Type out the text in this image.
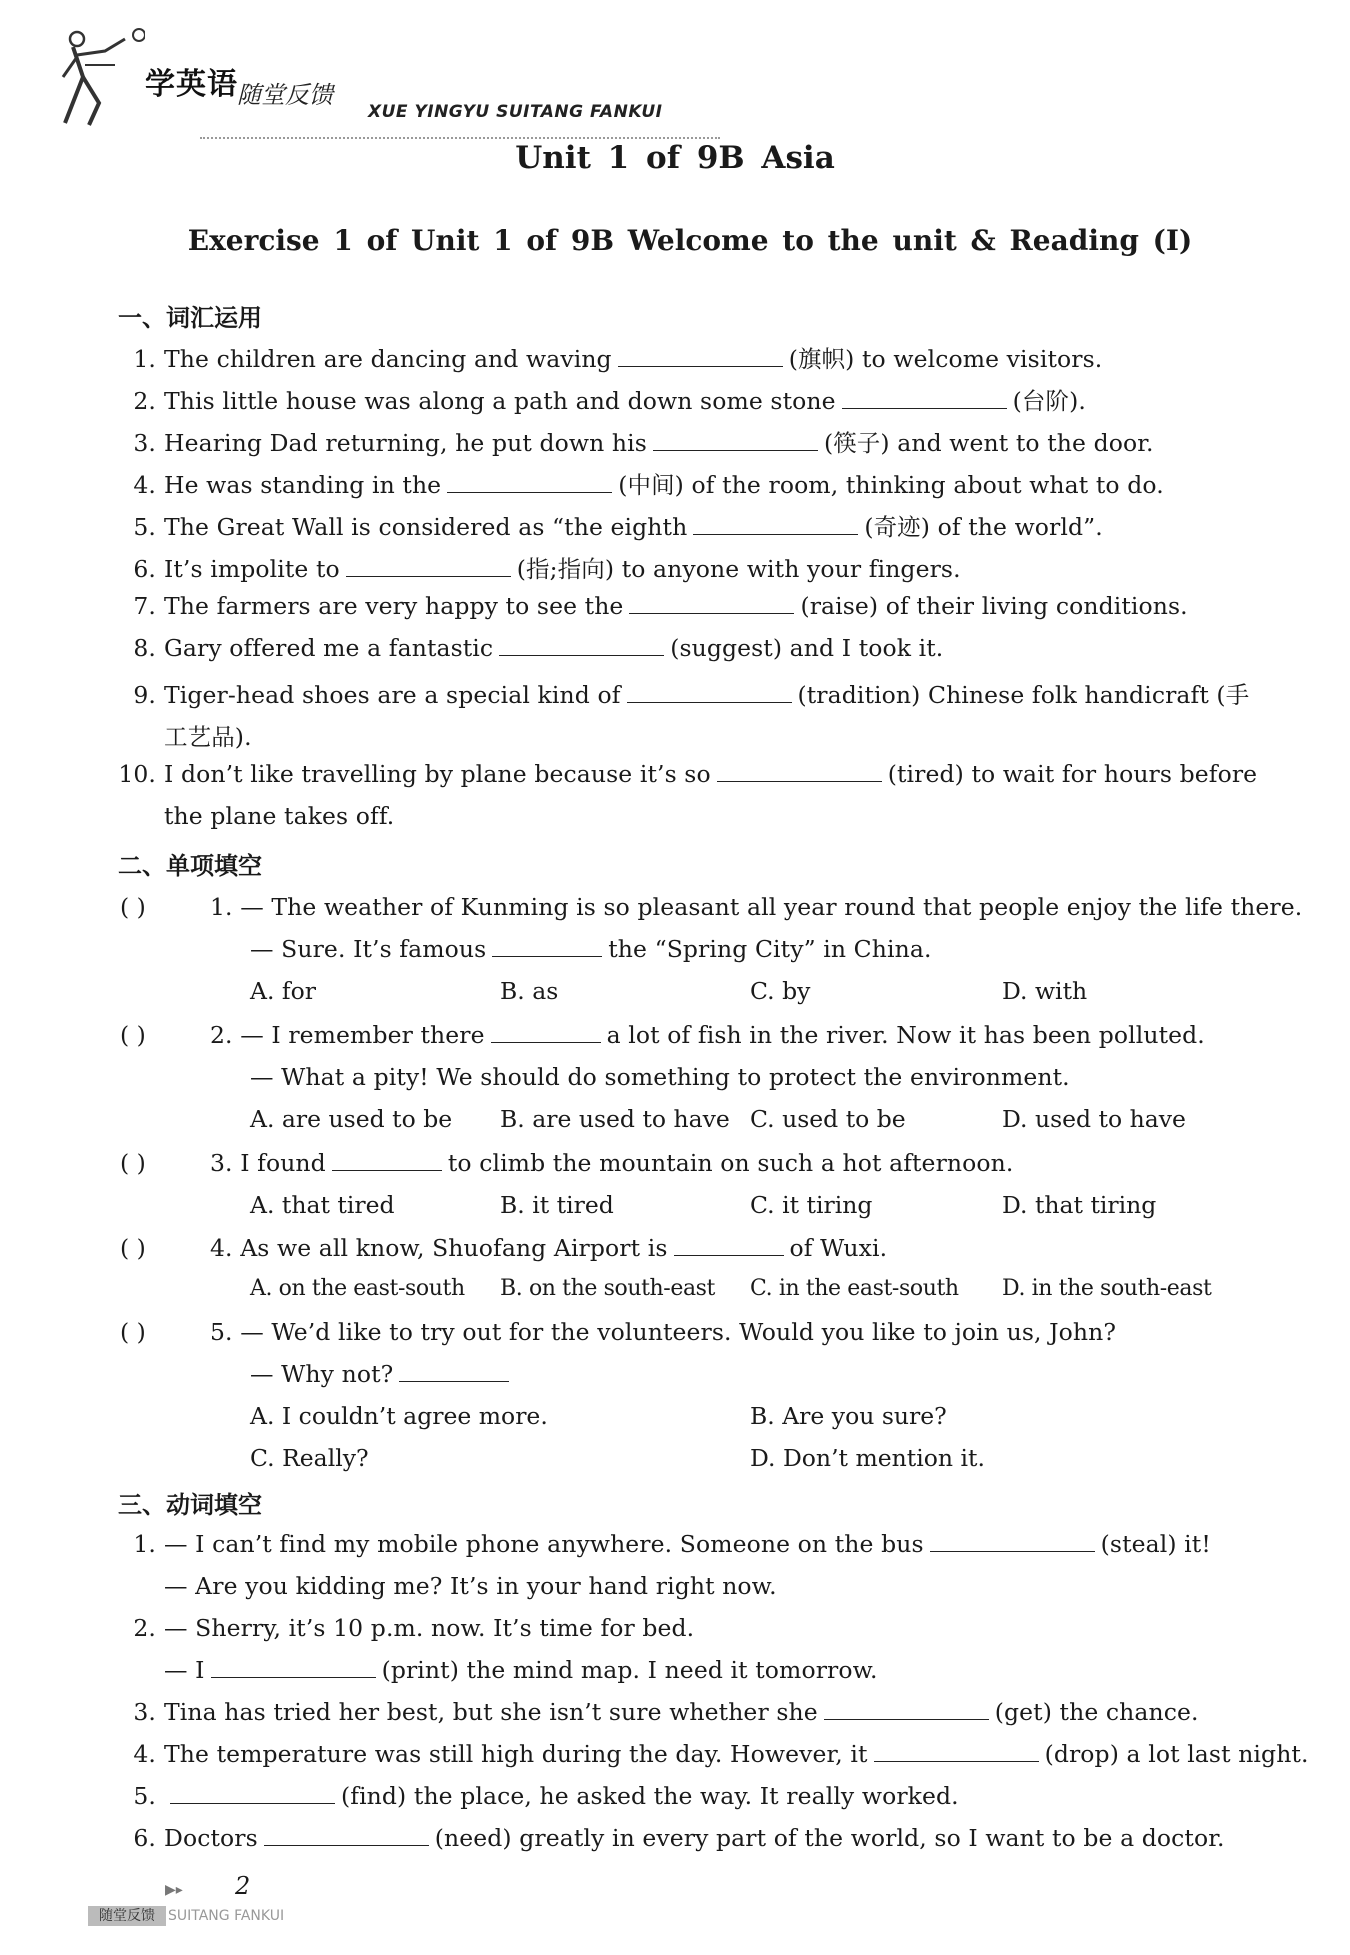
学英语 随堂反馈
XUE YINGYU SUITANG FANKUI
Unit 1 of 9B Asia
Exercise 1 of Unit 1 of 9B Welcome to the unit & Reading (Ⅰ)
一、词汇运用
1. The children are dancing and waving	(旗帜) to welcome visitors.
2. This little house was along a path and down some stone	(台阶).
3. Hearing Dad returning, he put down his	(筷子) and went to the door.
4. He was standing in the	(中间) of the room, thinking about what to do.
5. The Great Wall is considered as “the eighth	(奇迹) of the world”.
6. It’s impolite to	(指;指向) to anyone with your fingers.
7. The farmers are very happy to see the	(raise) of their living conditions.
8. Gary offered me a fantastic	(suggest) and I took it.
9. Tiger-head shoes are a special kind of	(tradition) Chinese folk handicraft (手
工艺品).
10. I don’t like travelling by plane because it’s so	(tired) to wait for hours before
the plane takes off.
二、单项填空
( )	1. — The weather of Kunming is so pleasant all year round that people enjoy the life there.
— Sure. It’s famous	the “Spring City” in China.
A. for	B. as	C. by	D. with
( )	2. — I remember there	a lot of fish in the river. Now it has been polluted.
— What a pity! We should do something to protect the environment.
A. are used to be B. are used to have C. used to be	D. used to have
( )	3. I found	to climb the mountain on such a hot afternoon.
A. that tired	B. it tired	C. it tiring	D. that tiring
( )	4. As we all know, Shuofang Airport is	of Wuxi.
A. on the east-south B. on the south-east C. in the east-south D. in the south-east
( )	5. — We’d like to try out for the volunteers. Would you like to join us, John?
— Why not?
A. I couldn’t agree more.	B. Are you sure?
C. Really?	D. Don’t mention it.
三、动词填空
1. — I can’t find my mobile phone anywhere. Someone on the bus	(steal) it!
— Are you kidding me? It’s in your hand right now.
2. — Sherry, it’s 10 p.m. now. It’s time for bed.
— I	(print) the mind map. I need it tomorrow.
3. Tina has tried her best, but she isn’t sure whether she	(get) the chance.
4. The temperature was still high during the day. However, it	(drop) a lot last night.
5.	(find) the place, he asked the way. It really worked.
6. Doctors	(need) greatly in every part of the world, so I want to be a doctor.
▶▸ 2
随堂反馈 SUITANG FANKUI
